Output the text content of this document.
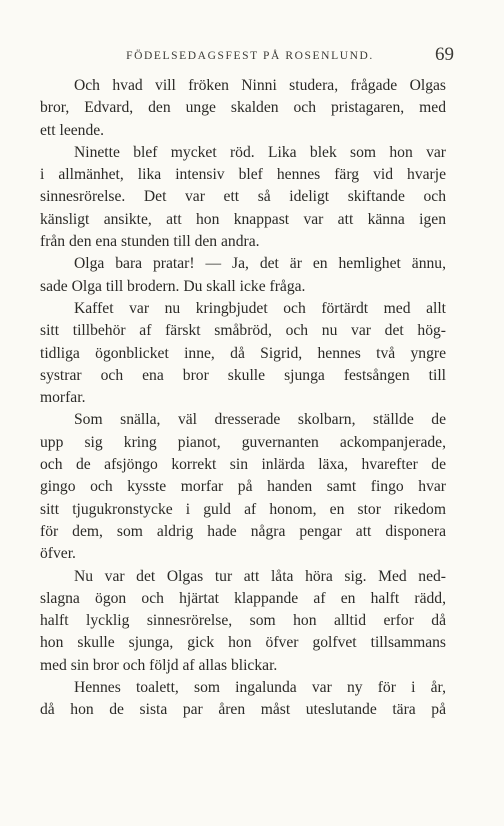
FÖDELSEDAGSFEST PÅ ROSENLUND.	69
Och hvad vill fröken Ninni studera, frågade Olgas
bror, Edvard, den unge skalden och pristagaren, med
ett leende.
Ninette blef mycket röd. Lika blek som hon var
i allmänhet, lika intensiv blef hennes färg vid hvarje
sinnesrörelse. Det var ett så ideligt skiftande och
känsligt ansikte, att hon knappast var att känna igen
från den ena stunden till den andra.
Olga bara pratar! — Ja, det är en hemlighet ännu,
sade Olga till brodern. Du skall icke fråga.
Kaffet var nu kringbjudet och förtärdt med allt
sitt tillbehör af färskt småbröd, och nu var det hög-
tidliga ögonblicket inne, då Sigrid, hennes två yngre
systrar och ena bror skulle sjunga festsången till
morfar.
Som snälla, väl dresserade skolbarn, ställde de
upp sig kring pianot, guvernanten ackompanjerade,
och de afsjöngo korrekt sin inlärda läxa, hvarefter de
gingo och kysste morfar på handen samt fingo hvar
sitt tjugukronstycke i guld af honom, en stor rikedom
för dem, som aldrig hade några pengar att disponera
öfver.
Nu var det Olgas tur att låta höra sig. Med ned-
slagna ögon och hjärtat klappande af en halft rädd,
halft lycklig sinnesrörelse, som hon alltid erfor då
hon skulle sjunga, gick hon öfver golfvet tillsammans
med sin bror och följd af allas blickar.
Hennes toalett, som ingalunda var ny för i år,
då hon de sista par åren måst uteslutande tära på
